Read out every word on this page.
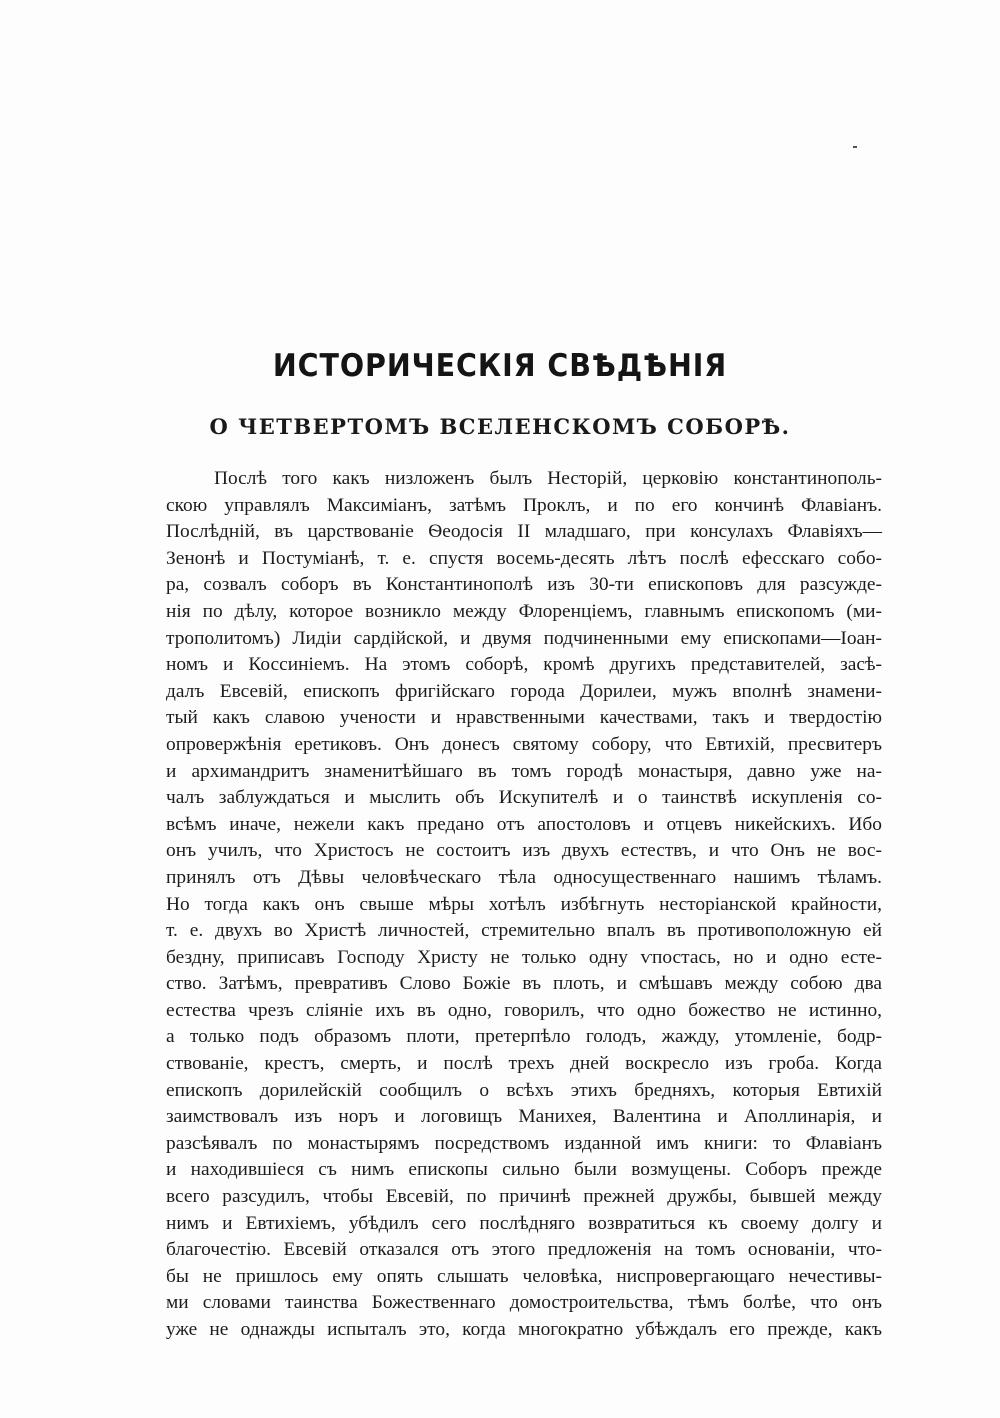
ИСТОРИЧЕСКІЯ СВѢДѢНІЯ
О ЧЕТВЕРТОМЪ ВСЕЛЕНСКОМЪ СОБОРѢ.
Послѣ того какъ низложенъ былъ Несторій, церковію константинополь-
скою управлялъ Максиміанъ, затѣмъ Проклъ, и по его кончинѣ Флавіанъ.
Послѣдній, въ царствованіе Ѳеодосія II младшаго, при консулахъ Флавіяхъ—
Зенонѣ и Постуміанѣ, т. е. спустя восемь-десять лѣтъ послѣ ефесскаго собо-
ра, созвалъ соборъ въ Константинополѣ изъ 30-ти епископовъ для разсужде-
нія по дѣлу, которое возникло между Флоренціемъ, главнымъ епископомъ (ми-
трополитомъ) Лидіи сардійской, и двумя подчиненными ему епископами—Іоан-
номъ и Коссиніемъ. На этомъ соборѣ, кромѣ другихъ представителей, засѣ-
далъ Евсевій, епископъ фригійскаго города Дорилеи, мужъ вполнѣ знамени-
тый какъ славою учености и нравственными качествами, такъ и твердостію
опровержѣнія еретиковъ. Онъ донесъ святому собору, что Евтихій, пресвитеръ
и архимандритъ знаменитѣйшаго въ томъ городѣ монастыря, давно уже на-
чалъ заблуждаться и мыслить объ Искупителѣ и о таинствѣ искупленія со-
всѣмъ иначе, нежели какъ предано отъ апостоловъ и отцевъ никейскихъ. Ибо
онъ училъ, что Христосъ не состоитъ изъ двухъ естествъ, и что Онъ не вос-
принялъ отъ Дѣвы человѣческаго тѣла односущественнаго нашимъ тѣламъ.
Но тогда какъ онъ свыше мѣры хотѣлъ избѣгнуть несторіанской крайности,
т. е. двухъ во Христѣ личностей, стремительно впалъ въ противоположную ей
бездну, приписавъ Господу Христу не только одну ѵпостась, но и одно есте-
ство. Затѣмъ, превративъ Слово Божіе въ плоть, и смѣшавъ между собою два
естества чрезъ сліяніе ихъ въ одно, говорилъ, что одно божество не истинно,
а только подъ образомъ плоти, претерпѣло голодъ, жажду, утомленіе, бодр-
ствованіе, крестъ, смерть, и послѣ трехъ дней воскресло изъ гроба. Когда
епископъ дорилейскій сообщилъ о всѣхъ этихъ бредняхъ, которыя Евтихій
заимствовалъ изъ норъ и логовищъ Манихея, Валентина и Аполлинарія, и
разсѣявалъ по монастырямъ посредствомъ изданной имъ книги: то Флавіанъ
и находившіеся съ нимъ епископы сильно были возмущены. Соборъ прежде
всего разсудилъ, чтобы Евсевій, по причинѣ прежней дружбы, бывшей между
нимъ и Евтихіемъ, убѣдилъ сего послѣдняго возвратиться къ своему долгу и
благочестію. Евсевій отказался отъ этого предложенія на томъ основаніи, что-
бы не пришлось ему опять слышать человѣка, ниспровергающаго нечестивы-
ми словами таинства Божественнаго домостроительства, тѣмъ болѣе, что онъ
уже не однажды испыталъ это, когда многократно убѣждалъ его прежде, какъ
